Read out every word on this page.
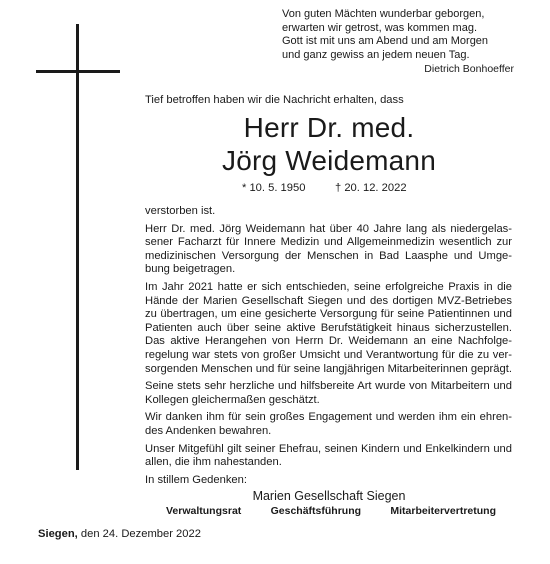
Von guten Mächten wunderbar geborgen,
erwarten wir getrost, was kommen mag.
Gott ist mit uns am Abend und am Morgen
und ganz gewiss an jedem neuen Tag.
Dietrich Bonhoeffer
Tief betroffen haben wir die Nachricht erhalten, dass
Herr Dr. med.
Jörg Weidemann
* 10. 5. 1950	† 20. 12. 2022

verstorben ist.

Herr Dr. med. Jörg Weidemann hat über 40 Jahre lang als niedergelas-sener Facharzt für Innere Medizin und Allgemeinmedizin wesentlich zur medizinischen Versorgung der Menschen in Bad Laasphe und Umge-bung beigetragen.

Im Jahr 2021 hatte er sich entschieden, seine erfolgreiche Praxis in die Hände der Marien Gesellschaft Siegen und des dortigen MVZ-Betriebes zu übertragen, um eine gesicherte Versorgung für seine Patientinnen und Patienten auch über seine aktive Berufstätigkeit hinaus sicherzustellen. Das aktive Herangehen von Herrn Dr. Weidemann an eine Nachfolge-regelung war stets von großer Umsicht und Verantwortung für die zu ver-sorgenden Menschen und für seine langjährigen Mitarbeiterinnen geprägt.

Seine stets sehr herzliche und hilfsbereite Art wurde von Mitarbeitern und Kollegen gleichermaßen geschätzt.

Wir danken ihm für sein großes Engagement und werden ihm ein ehren-des Andenken bewahren.

Unser Mitgefühl gilt seiner Ehefrau, seinen Kindern und Enkelkindern und allen, die ihm nahestanden.

In stillem Gedenken:

Marien Gesellschaft Siegen
Verwaltungsrat	Geschäftsführung	Mitarbeitervertretung
Siegen, den 24. Dezember 2022
